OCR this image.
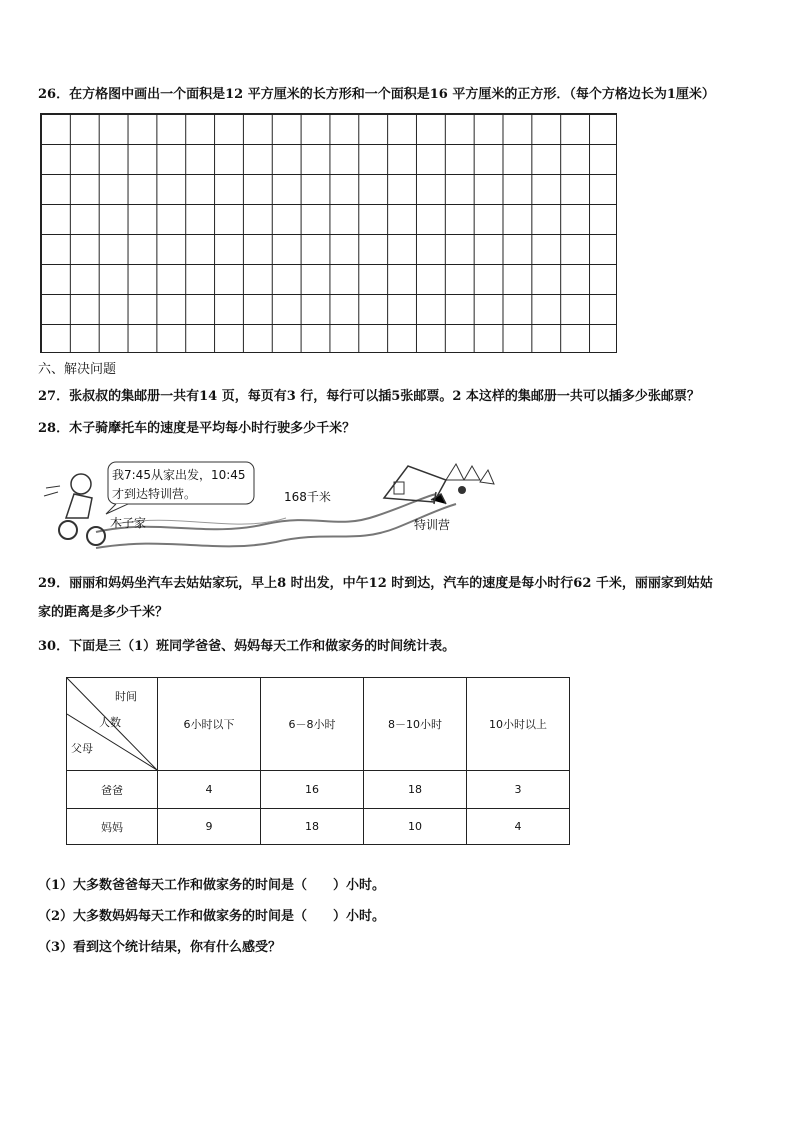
26．在方格图中画出一个面积是12 平方厘米的长方形和一个面积是16 平方厘米的正方形．（每个方格边长为1厘米）
六、解决问题
27．张叔叔的集邮册一共有14 页，每页有3 行，每行可以插5张邮票。2 本这样的集邮册一共可以插多少张邮票？
28．木子骑摩托车的速度是平均每小时行驶多少千米？
我7:45从家出发，10:45
才到达特训营。	168千米
木子家	特训营
29．丽丽和妈妈坐汽车去姑姑家玩，早上8 时出发，中午12 时到达，汽车的速度是每小时行62 千米，丽丽家到姑姑
家的距离是多少千米？
30．下面是三（1）班同学爸爸、妈妈每天工作和做家务的时间统计表。
时间
人数
父母	6小时以下	6－8小时	8－10小时	10小时以上
爸爸	4	16	18	3
妈妈	9	18	10	4
（1）大多数爸爸每天工作和做家务的时间是（　　）小时。
（2）大多数妈妈每天工作和做家务的时间是（　　）小时。
（3）看到这个统计结果，你有什么感受？
